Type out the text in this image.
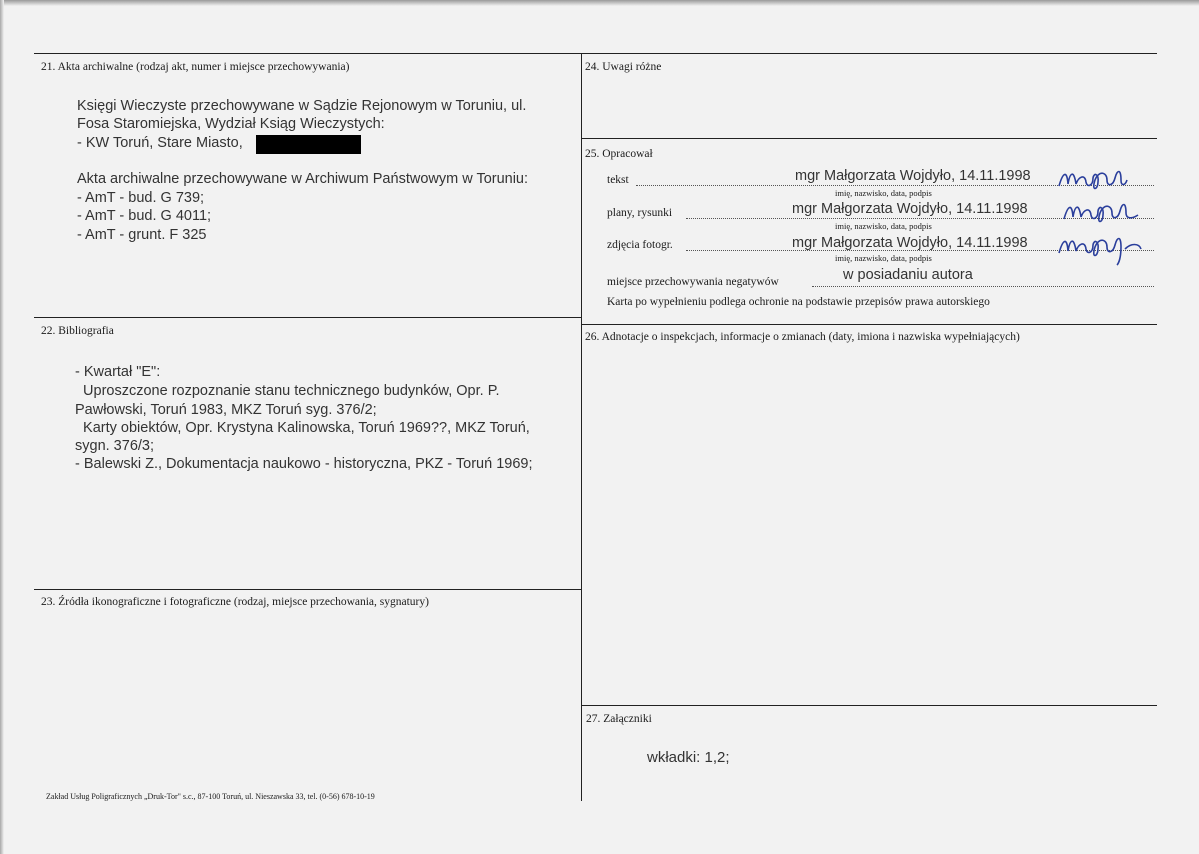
21. Akta archiwalne (rodzaj akt, numer i miejsce przechowywania)
Księgi Wieczyste przechowywane w Sądzie Rejonowym w Toruniu, ul.
Fosa Staromiejska, Wydział Ksiąg Wieczystych:
- KW Toruń, Stare Miasto,
Akta archiwalne przechowywane w Archiwum Państwowym w Toruniu:
- AmT - bud. G 739;
- AmT - bud. G 4011;
- AmT - grunt. F 325
22. Bibliografia
- Kwartał "E":
Uproszczone rozpoznanie stanu technicznego budynków, Opr. P.
Pawłowski, Toruń 1983, MKZ Toruń syg. 376/2;
Karty obiektów, Opr. Krystyna Kalinowska, Toruń 1969??, MKZ Toruń,
sygn. 376/3;
- Balewski Z., Dokumentacja naukowo - historyczna, PKZ - Toruń 1969;
23. Źródła ikonograficzne i fotograficzne (rodzaj, miejsce przechowania, sygnatury)
24. Uwagi różne
25. Opracował
tekst	mgr Małgorzata Wojdyło, 14.11.1998
imię, nazwisko, data, podpis
plany, rysunki	mgr Małgorzata Wojdyło, 14.11.1998
imię, nazwisko, data, podpis
zdjęcia fotogr.	mgr Małgorzata Wojdyło, 14.11.1998
imię, nazwisko, data, podpis
miejsce przechowywania negatywów	w posiadaniu autora
Karta po wypełnieniu podlega ochronie na podstawie przepisów prawa autorskiego
26. Adnotacje o inspekcjach, informacje o zmianach (daty, imiona i nazwiska wypełniających)
27. Załączniki
wkładki: 1,2;
Zakład Usług Poligraficznych „Druk-Tor" s.c., 87-100 Toruń, ul. Nieszawska 33, tel. (0-56) 678-10-19
